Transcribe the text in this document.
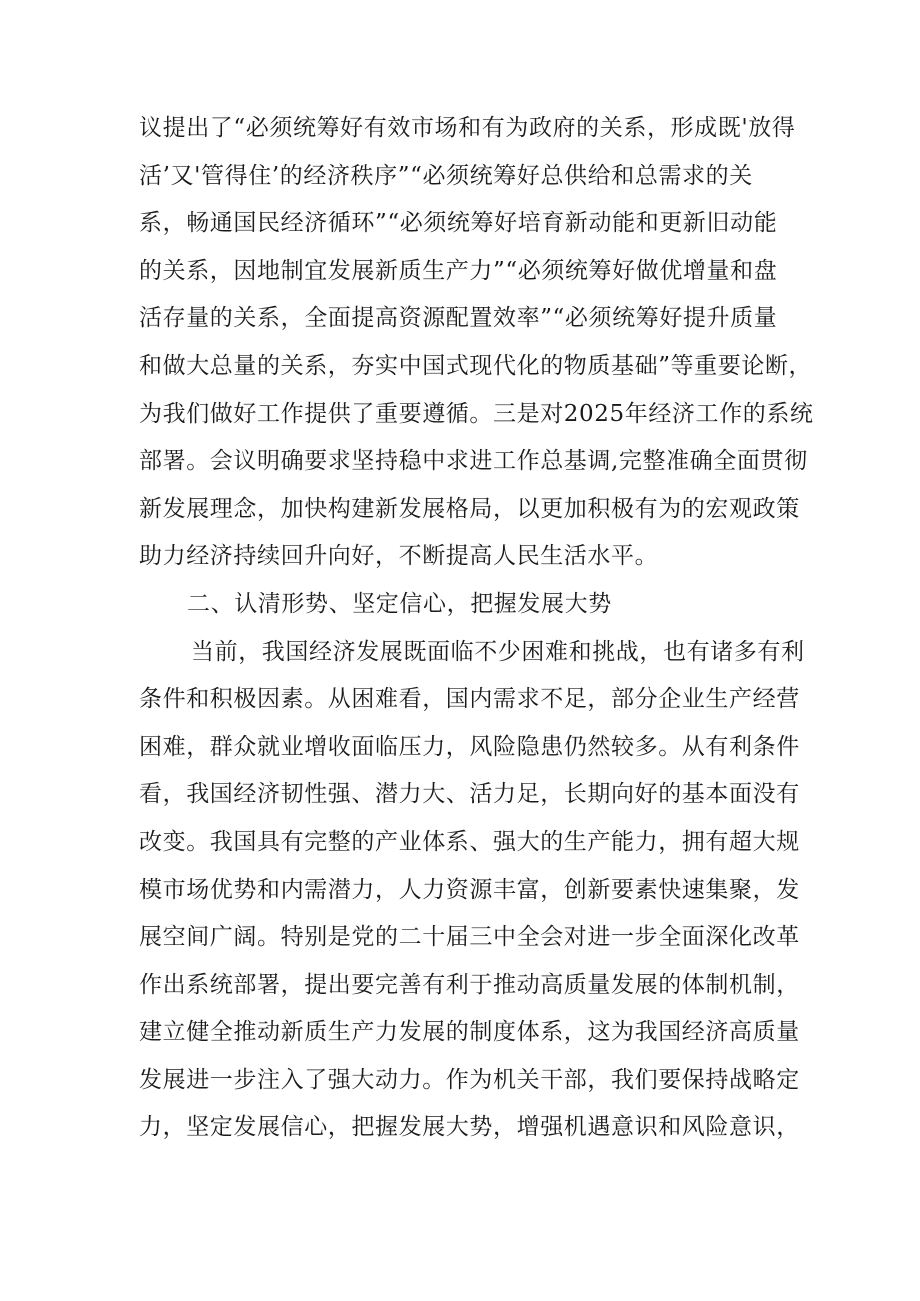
议提出了“必须统筹好有效市场和有为政府的关系，形成既'放得
活’又'管得住’的经济秩序”“必须统筹好总供给和总需求的关
系，畅通国民经济循环”“必须统筹好培育新动能和更新旧动能
的关系，因地制宜发展新质生产力”“必须统筹好做优增量和盘
活存量的关系，全面提高资源配置效率”“必须统筹好提升质量
和做大总量的关系，夯实中国式现代化的物质基础”等重要论断，
为我们做好工作提供了重要遵循。三是对2025年经济工作的系统
部署。会议明确要求坚持稳中求进工作总基调,完整准确全面贯彻
新发展理念，加快构建新发展格局，以更加积极有为的宏观政策
助力经济持续回升向好，不断提高人民生活水平。
二、认清形势、坚定信心，把握发展大势
当前，我国经济发展既面临不少困难和挑战，也有诸多有利
条件和积极因素。从困难看，国内需求不足，部分企业生产经营
困难，群众就业增收面临压力，风险隐患仍然较多。从有利条件
看，我国经济韧性强、潜力大、活力足，长期向好的基本面没有
改变。我国具有完整的产业体系、强大的生产能力，拥有超大规
模市场优势和内需潜力，人力资源丰富，创新要素快速集聚，发
展空间广阔。特别是党的二十届三中全会对进一步全面深化改革
作出系统部署，提出要完善有利于推动高质量发展的体制机制，
建立健全推动新质生产力发展的制度体系，这为我国经济高质量
发展进一步注入了强大动力。作为机关干部，我们要保持战略定
力，坚定发展信心，把握发展大势，增强机遇意识和风险意识，
